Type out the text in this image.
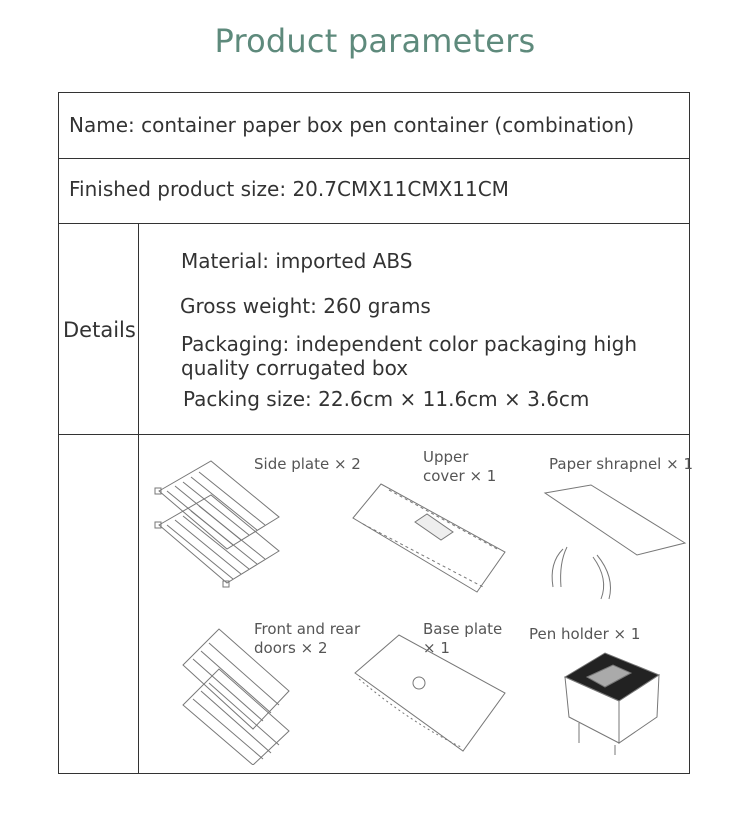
Product parameters
Name: container paper box pen container (combination)
Finished product size: 20.7CMX11CMX11CM
Details
Material: imported ABS
Gross weight: 260 grams
Packaging: independent color packaging high
quality corrugated box
Packing size: 22.6cm × 11.6cm × 3.6cm
Side plate × 2	Upper
cover × 1
Paper shrapnel × 1
Front and rear
doors × 2
Base plate
× 1
Pen holder × 1
